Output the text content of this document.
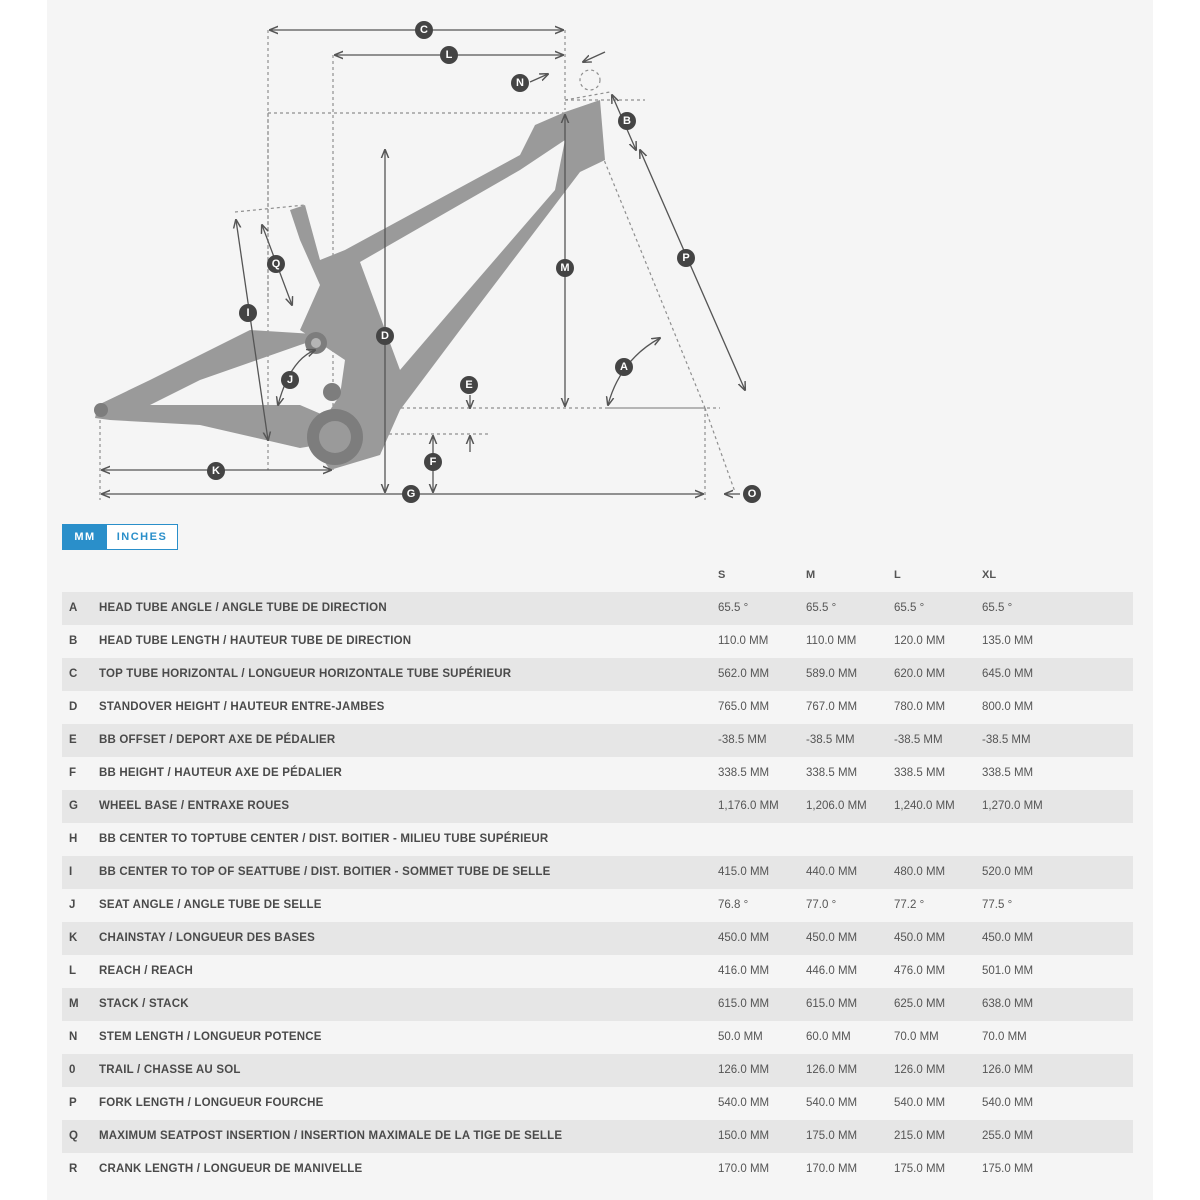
C
L
N
B
P
M
Q
I
D
A
J	E
F
K
G	O
MM	INCHES
S	M	L	XL
A HEAD TUBE ANGLE / ANGLE TUBE DE DIRECTION	65.5 °	65.5 °	65.5 °	65.5 °
B HEAD TUBE LENGTH / HAUTEUR TUBE DE DIRECTION	110.0 MM	110.0 MM	120.0 MM	135.0 MM
C TOP TUBE HORIZONTAL / LONGUEUR HORIZONTALE TUBE SUPÉRIEUR	562.0 MM	589.0 MM	620.0 MM	645.0 MM
D STANDOVER HEIGHT / HAUTEUR ENTRE-JAMBES	765.0 MM	767.0 MM	780.0 MM	800.0 MM
E BB OFFSET / DEPORT AXE DE PÉDALIER	-38.5 MM	-38.5 MM	-38.5 MM	-38.5 MM
F BB HEIGHT / HAUTEUR AXE DE PÉDALIER	338.5 MM	338.5 MM	338.5 MM	338.5 MM
G WHEEL BASE / ENTRAXE ROUES	1,176.0 MM 1,206.0 MM 1,240.0 MM 1,270.0 MM
H BB CENTER TO TOPTUBE CENTER / DIST. BOITIER - MILIEU TUBE SUPÉRIEUR
I BB CENTER TO TOP OF SEATTUBE / DIST. BOITIER - SOMMET TUBE DE SELLE	415.0 MM	440.0 MM	480.0 MM	520.0 MM
J SEAT ANGLE / ANGLE TUBE DE SELLE	76.8 °	77.0 °	77.2 °	77.5 °
K CHAINSTAY / LONGUEUR DES BASES	450.0 MM	450.0 MM	450.0 MM	450.0 MM
L REACH / REACH	416.0 MM	446.0 MM	476.0 MM	501.0 MM
M STACK / STACK	615.0 MM	615.0 MM	625.0 MM	638.0 MM
N STEM LENGTH / LONGUEUR POTENCE	50.0 MM	60.0 MM	70.0 MM	70.0 MM
0 TRAIL / CHASSE AU SOL	126.0 MM	126.0 MM	126.0 MM	126.0 MM
P FORK LENGTH / LONGUEUR FOURCHE	540.0 MM	540.0 MM	540.0 MM	540.0 MM
Q MAXIMUM SEATPOST INSERTION / INSERTION MAXIMALE DE LA TIGE DE SELLE	150.0 MM	175.0 MM	215.0 MM	255.0 MM
R CRANK LENGTH / LONGUEUR DE MANIVELLE	170.0 MM	170.0 MM	175.0 MM	175.0 MM
